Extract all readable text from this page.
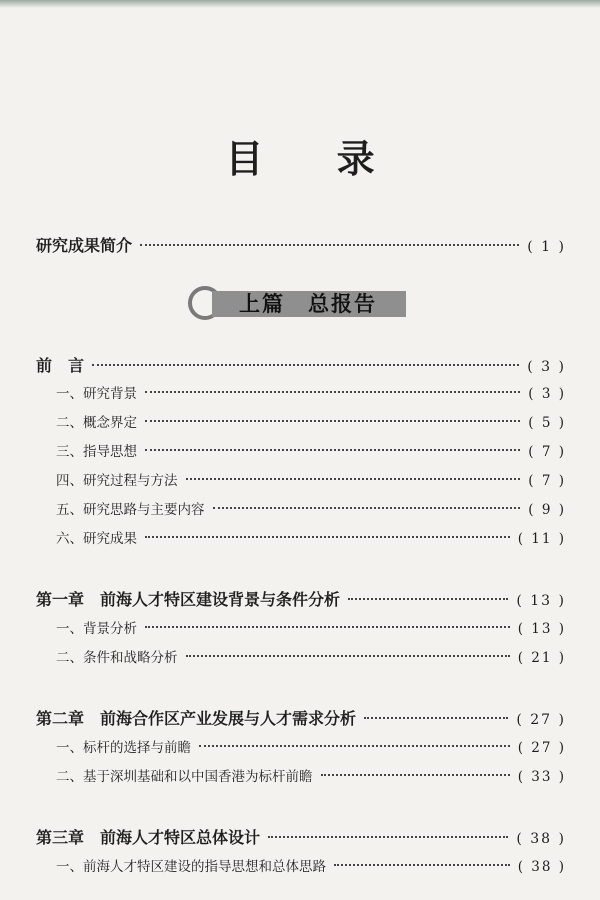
目 录
上篇　总报告
研究成果简介	( 1 )
前　言	( 3 )
一、研究背景	( 3 )
二、概念界定	( 5 )
三、指导思想	( 7 )
四、研究过程与方法	( 7 )
五、研究思路与主要内容	( 9 )
六、研究成果	( 11 )
第一章　前海人才特区建设背景与条件分析	( 13 )
一、背景分析	( 13 )
二、条件和战略分析	( 21 )
第二章　前海合作区产业发展与人才需求分析	( 27 )
一、标杆的选择与前瞻	( 27 )
二、基于深圳基础和以中国香港为标杆前瞻	( 33 )
第三章　前海人才特区总体设计	( 38 )
一、前海人才特区建设的指导思想和总体思路	( 38 )
